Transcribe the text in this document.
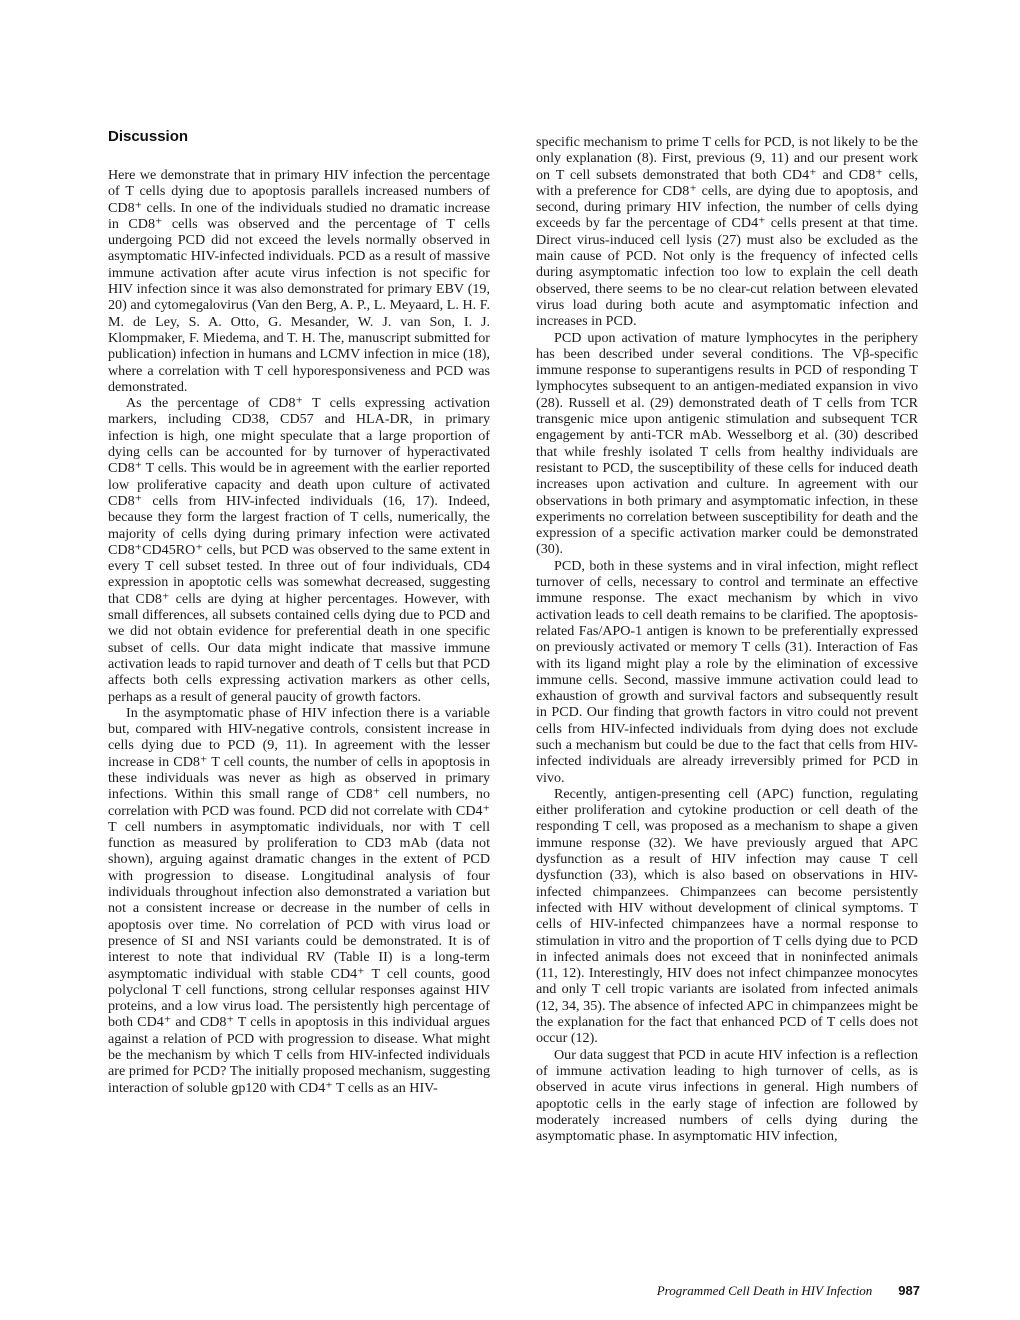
Discussion

Here we demonstrate that in primary HIV infection the percentage of T cells dying due to apoptosis parallels increased numbers of CD8⁺ cells. In one of the individuals studied no dramatic increase in CD8⁺ cells was observed and the percentage of T cells undergoing PCD did not exceed the levels normally observed in asymptomatic HIV-infected individuals. PCD as a result of massive immune activation after acute virus infection is not specific for HIV infection since it was also demonstrated for primary EBV (19, 20) and cytomegalovirus (Van den Berg, A. P., L. Meyaard, L. H. F. M. de Ley, S. A. Otto, G. Mesander, W. J. van Son, I. J. Klompmaker, F. Miedema, and T. H. The, manuscript submitted for publication) infection in humans and LCMV infection in mice (18), where a correlation with T cell hyporesponsiveness and PCD was demonstrated.

As the percentage of CD8⁺ T cells expressing activation markers, including CD38, CD57 and HLA-DR, in primary infection is high, one might speculate that a large proportion of dying cells can be accounted for by turnover of hyperactivated CD8⁺ T cells. This would be in agreement with the earlier reported low proliferative capacity and death upon culture of activated CD8⁺ cells from HIV-infected individuals (16, 17). Indeed, because they form the largest fraction of T cells, numerically, the majority of cells dying during primary infection were activated CD8⁺CD45RO⁺ cells, but PCD was observed to the same extent in every T cell subset tested. In three out of four individuals, CD4 expression in apoptotic cells was somewhat decreased, suggesting that CD8⁺ cells are dying at higher percentages. However, with small differences, all subsets contained cells dying due to PCD and we did not obtain evidence for preferential death in one specific subset of cells. Our data might indicate that massive immune activation leads to rapid turnover and death of T cells but that PCD affects both cells expressing activation markers as other cells, perhaps as a result of general paucity of growth factors.

In the asymptomatic phase of HIV infection there is a variable but, compared with HIV-negative controls, consistent increase in cells dying due to PCD (9, 11). In agreement with the lesser increase in CD8⁺ T cell counts, the number of cells in apoptosis in these individuals was never as high as observed in primary infections. Within this small range of CD8⁺ cell numbers, no correlation with PCD was found. PCD did not correlate with CD4⁺ T cell numbers in asymptomatic individuals, nor with T cell function as measured by proliferation to CD3 mAb (data not shown), arguing against dramatic changes in the extent of PCD with progression to disease. Longitudinal analysis of four individuals throughout infection also demonstrated a variation but not a consistent increase or decrease in the number of cells in apoptosis over time. No correlation of PCD with virus load or presence of SI and NSI variants could be demonstrated. It is of interest to note that individual RV (Table II) is a long-term asymptomatic individual with stable CD4⁺ T cell counts, good polyclonal T cell functions, strong cellular responses against HIV proteins, and a low virus load. The persistently high percentage of both CD4⁺ and CD8⁺ T cells in apoptosis in this individual argues against a relation of PCD with progression to disease. What might be the mechanism by which T cells from HIV-infected individuals are primed for PCD? The initially proposed mechanism, suggesting interaction of soluble gp120 with CD4⁺ T cells as an HIV-

specific mechanism to prime T cells for PCD, is not likely to be the only explanation (8). First, previous (9, 11) and our present work on T cell subsets demonstrated that both CD4⁺ and CD8⁺ cells, with a preference for CD8⁺ cells, are dying due to apoptosis, and second, during primary HIV infection, the number of cells dying exceeds by far the percentage of CD4⁺ cells present at that time. Direct virus-induced cell lysis (27) must also be excluded as the main cause of PCD. Not only is the frequency of infected cells during asymptomatic infection too low to explain the cell death observed, there seems to be no clear-cut relation between elevated virus load during both acute and asymptomatic infection and increases in PCD.

PCD upon activation of mature lymphocytes in the periphery has been described under several conditions. The Vβ-specific immune response to superantigens results in PCD of responding T lymphocytes subsequent to an antigen-mediated expansion in vivo (28). Russell et al. (29) demonstrated death of T cells from TCR transgenic mice upon antigenic stimulation and subsequent TCR engagement by anti-TCR mAb. Wesselborg et al. (30) described that while freshly isolated T cells from healthy individuals are resistant to PCD, the susceptibility of these cells for induced death increases upon activation and culture. In agreement with our observations in both primary and asymptomatic infection, in these experiments no correlation between susceptibility for death and the expression of a specific activation marker could be demonstrated (30).

PCD, both in these systems and in viral infection, might reflect turnover of cells, necessary to control and terminate an effective immune response. The exact mechanism by which in vivo activation leads to cell death remains to be clarified. The apoptosis-related Fas/APO-1 antigen is known to be preferentially expressed on previously activated or memory T cells (31). Interaction of Fas with its ligand might play a role by the elimination of excessive immune cells. Second, massive immune activation could lead to exhaustion of growth and survival factors and subsequently result in PCD. Our finding that growth factors in vitro could not prevent cells from HIV-infected individuals from dying does not exclude such a mechanism but could be due to the fact that cells from HIV-infected individuals are already irreversibly primed for PCD in vivo.

Recently, antigen-presenting cell (APC) function, regulating either proliferation and cytokine production or cell death of the responding T cell, was proposed as a mechanism to shape a given immune response (32). We have previously argued that APC dysfunction as a result of HIV infection may cause T cell dysfunction (33), which is also based on observations in HIV-infected chimpanzees. Chimpanzees can become persistently infected with HIV without development of clinical symptoms. T cells of HIV-infected chimpanzees have a normal response to stimulation in vitro and the proportion of T cells dying due to PCD in infected animals does not exceed that in noninfected animals (11, 12). Interestingly, HIV does not infect chimpanzee monocytes and only T cell tropic variants are isolated from infected animals (12, 34, 35). The absence of infected APC in chimpanzees might be the explanation for the fact that enhanced PCD of T cells does not occur (12).

Our data suggest that PCD in acute HIV infection is a reflection of immune activation leading to high turnover of cells, as is observed in acute virus infections in general. High numbers of apoptotic cells in the early stage of infection are followed by moderately increased numbers of cells dying during the asymptomatic phase. In asymptomatic HIV infection,

Programmed Cell Death in HIV Infection 987
